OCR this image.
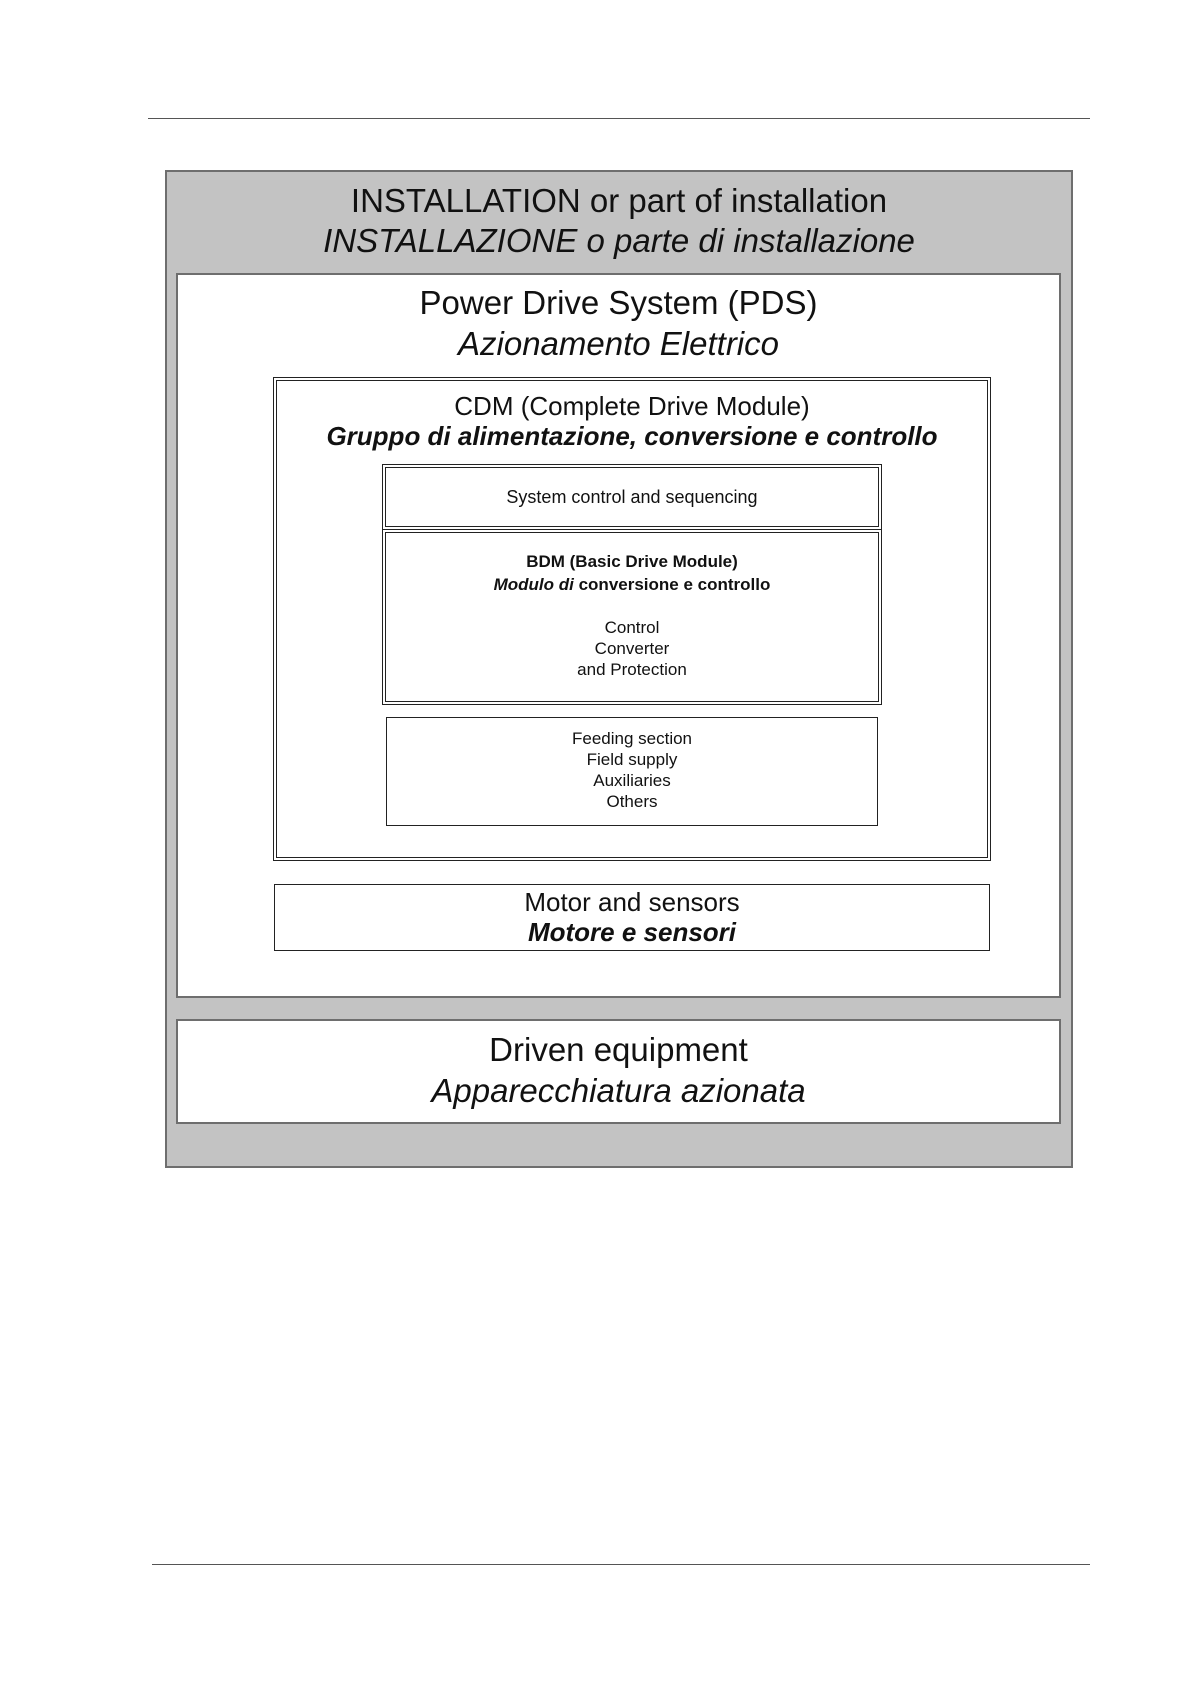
INSTALLATION or part of installation
INSTALLAZIONE o parte di installazione
Power Drive System (PDS)
Azionamento Elettrico
CDM (Complete Drive Module)
Gruppo di alimentazione, conversione e controllo
System control and sequencing
BDM (Basic Drive Module)
Modulo di conversione e controllo
Control
Converter
and Protection
Feeding section
Field supply
Auxiliaries
Others
Motor and sensors
Motore e sensori
Driven equipment
Apparecchiatura azionata
